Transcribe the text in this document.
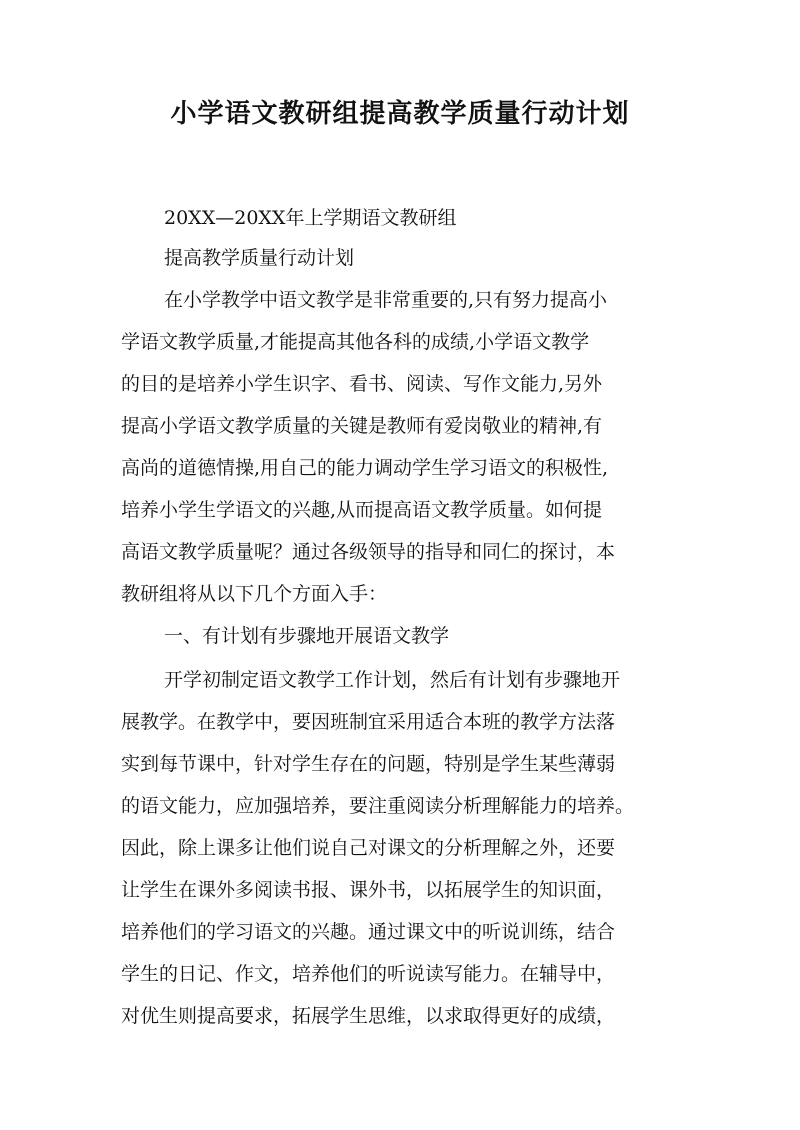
小学语文教研组提高教学质量行动计划
20XX—20XX年上学期语文教研组
提高教学质量行动计划
在小学教学中语文教学是非常重要的,只有努力提高小
学语文教学质量,才能提高其他各科的成绩,小学语文教学
的目的是培养小学生识字、看书、阅读、写作文能力,另外
提高小学语文教学质量的关键是教师有爱岗敬业的精神,有
高尚的道德情操,用自己的能力调动学生学习语文的积极性,
培养小学生学语文的兴趣,从而提高语文教学质量。如何提
高语文教学质量呢？通过各级领导的指导和同仁的探讨，本
教研组将从以下几个方面入手：
一、有计划有步骤地开展语文教学
开学初制定语文教学工作计划，然后有计划有步骤地开
展教学。在教学中，要因班制宜采用适合本班的教学方法落
实到每节课中，针对学生存在的问题，特别是学生某些薄弱
的语文能力，应加强培养，要注重阅读分析理解能力的培养。
因此，除上课多让他们说自己对课文的分析理解之外，还要
让学生在课外多阅读书报、课外书，以拓展学生的知识面，
培养他们的学习语文的兴趣。通过课文中的听说训练，结合
学生的日记、作文，培养他们的听说读写能力。在辅导中，
对优生则提高要求，拓展学生思维，以求取得更好的成绩，
